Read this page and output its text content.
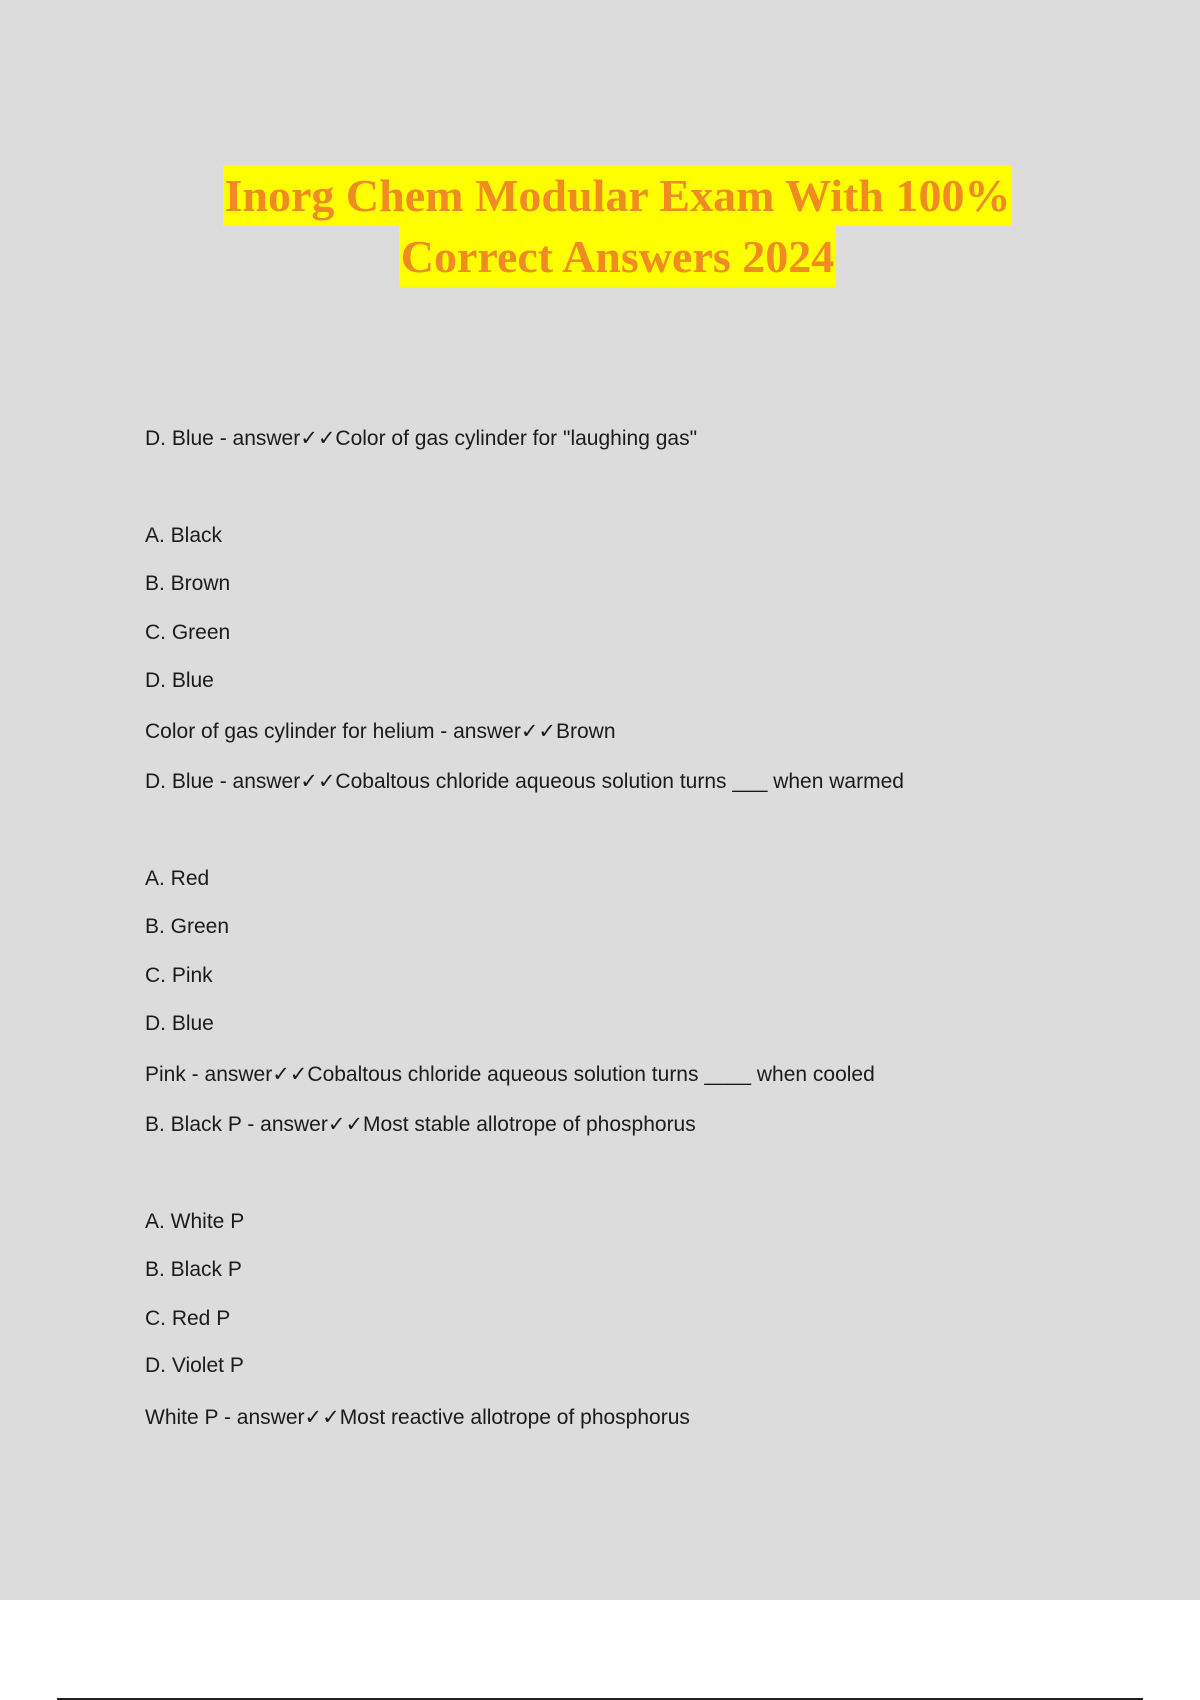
Inorg Chem Modular Exam With 100%
Correct Answers 2024
D. Blue - answer✓✓Color of gas cylinder for "laughing gas"
A. Black
B. Brown
C. Green
D. Blue
Color of gas cylinder for helium - answer✓✓Brown
D. Blue - answer✓✓Cobaltous chloride aqueous solution turns ___ when warmed
A. Red
B. Green
C. Pink
D. Blue
Pink - answer✓✓Cobaltous chloride aqueous solution turns ____ when cooled
B. Black P - answer✓✓Most stable allotrope of phosphorus
A. White P
B. Black P
C. Red P
D. Violet P
White P - answer✓✓Most reactive allotrope of phosphorus
